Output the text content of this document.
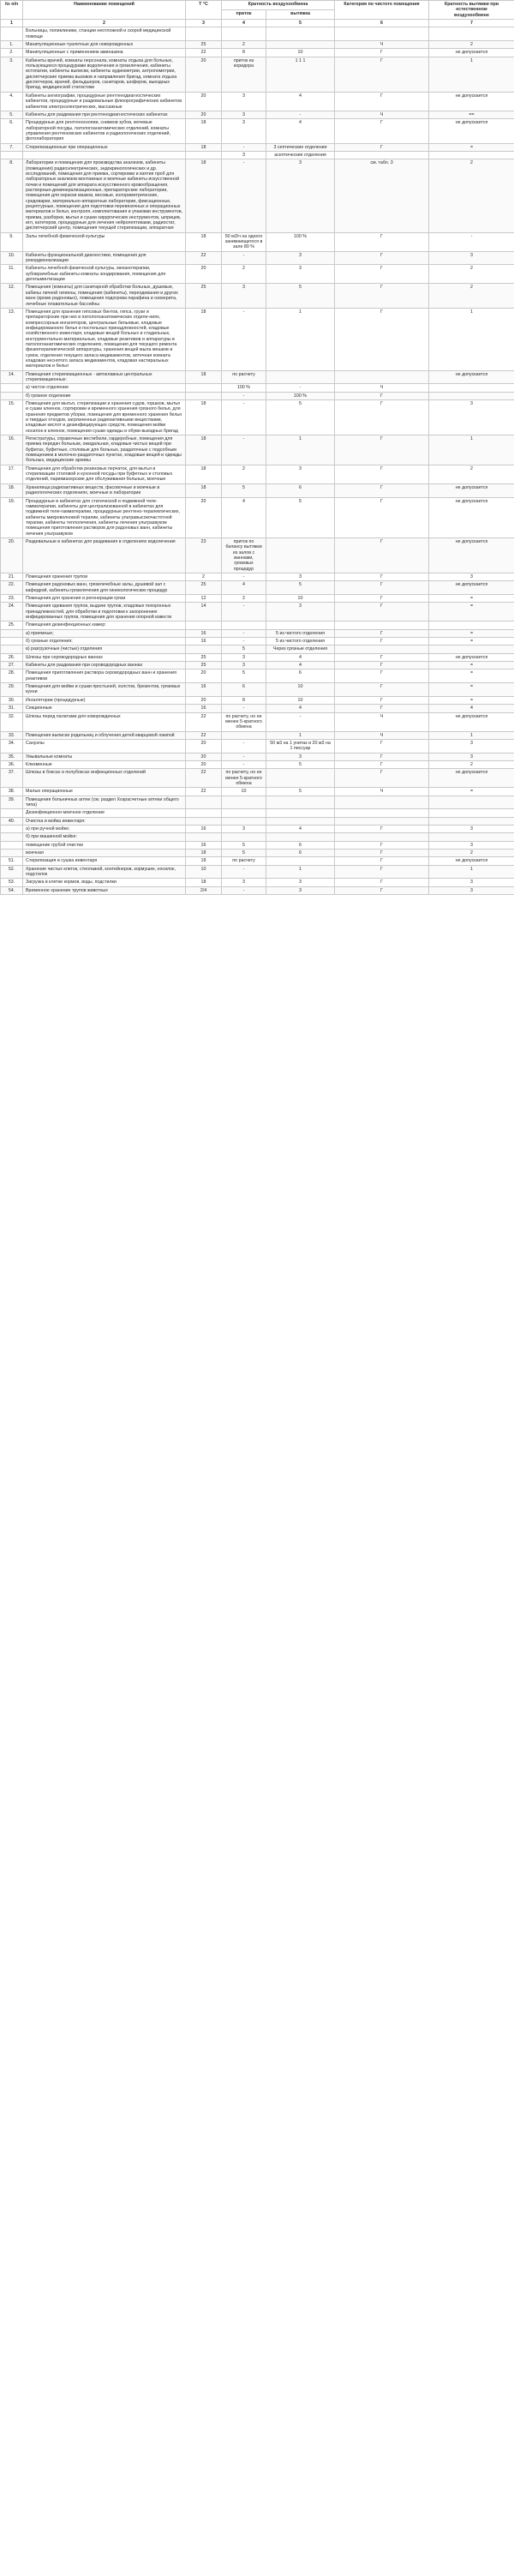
№ п/п	Наименование помещений	Т °С	Кратность воздухообмена		Категория по чистоте помещения	Кратность вытяжки при естественном
воздухообмене

			приток	вытяжка		
1	2	3	4	5	6	7
	Больницы, поликлиники, станции неотложной и скорой медицинской помощи					
1.	Манипуляционные-туалетные для новорожденных	25	2		Ч	2
2.	Манипуляционные с применением аминазина	22	8	10	Г	не допускается
3.	Кабинеты врачей, комнаты персонала, комнаты отдыха для больных, пользующихся процедурами водолечения и грязелечения, кабинеты истопатии, кабинеты выписки, кабинеты аудиометрии, антропометрии, диспетчерские приема вызовов и направления бригад, комната отдыха диспетчеров, врачей, фельдшеров, санитаров, шоферов, выездных бригад, медицинской статистики	20	приток из коридора	1 1 1	Г	1
4.	Кабинеты ангиографии, процедурные рентгенодиагностических кабинетов, процедурные и раздевальные флюорографических кабинетов кабинетов электроэлектрических, массажные	20	3	4	Г	не допускается
5.	Кабинеты для раздевания при рентгенодиагностических кабинетах	20	3	-	Ч	==
6.	Процедурные для рентгеноскопии, снимков зубов, мочевые лабораторной посуды, патологоанатомических отделений, комнаты управления рентгеновских кабинетов и радиологических отделений, фотолаборатория	18	3	4	Г	не допускается
7.	Стерилизационные при операционных	18	-	3 септические отделения	Г	=
			3	асептические отделения		
8.	Лаборатории и помещения для производства анализов, кабинеты (помещения) радиоэлектрических, эндокринологических и др. исследований, помещения для приема, сортировки и взятия проб для лабораторных анализов монтажные и моечные кабинеты искусственной почки и помещений для аппарата искусственного кровообращения, растворные-деминерализационные, препараторские лаборатории, помещения для окраски мазков, весовые, колориметрические, средоварки, материально-аппаратные лаборатории, фиксационные, рецептурные, помещения для подготовки перевязочных и операционных материалов и белья, контроля, комплектования и упаковки инструментов, приема, разборки, мытья и сушки хирургических инструментов, шприцев, игл, катетеров, процедурные для лечения нейролептиками, радиостат, диспетчерский центр, помещения текущей стерилизации, аппаратная	18	-	3	см. табл. 3	2
9.	Залы лечебной физической культуры	18	50 м3/ч на одного занимающегося в зале 80 %	100 %	Г	-
10.	Кабинеты функциональной диагностики, помещения для рекордмонализации	22	-	3	Г	3
11.	Кабинеты лечебной физической культуры, механотерапии, зубоврачебные кабинеты комнаты зондирования, помещения для дегельминтизации	20	2	3	Г	2
12.	Помещения (комнаты) для санитарной обработки больных, душевые, кабины личной гигиены, помещения (кабинеты), переодевания и других ванн (кроме радоновых), помещения подогрева парафина и озокерита, лечебные плавательные бассейны	25	3	5	Г	2
13.	Помещения для хранения гипсовых бинтов, гипса, грузи и препараторские при них в патологоанатомических отделе-ниях, компрессорные ингаляторов, центральные бельевые, кладовые инфицированного белья и постельных принадлежностей, кладовые хозяйственного инвентаря, кладовые вещей больных и стадильных, инструментально-материальные, кладовые реактивов и аппаратуры в патологоанатомических отделениях, помещения для текущего ремонта физиотерапевтической аппаратуры, хранения вещей мыла мешков и сумок, отделения текущего запаса медикаментов, аптечная комната кладовая неснятого запаса медикаментов, кладовая настиральных материалов и белья	18	-	1	Г	1
14.	Помещения стерилизационных - автоклавных центральных стерилизационных:	18	по расчету			не допускается
	а) чистое отделение		100 %	-	Ч	
	б) грязное отделение		-	100 %	Г	
15.	Помещения для мытья, стерилизации и хранения судов, горшков, мытья и сушки клеенок, сортировки и временного хранения грязного белья, для хранения предметов уборки, помещения для временного хранения белья и твердых отходов, загрязненных радиоактивными веществами, кладовые кислот и дезинфицирующих средств, помещения мойки носилок и клеенок, помещения сушки одежды и обуви выездных бригад	18	-	5	Г	3
16.	Регистратуры, справочные вестибюли, гардеробные, помещения для приема передач больным, ожидальная, кладовые чистых вещей при буфетах, буфетные, столовые для больных, раздаточные с подсобным помещением в молочно-раздаточных пунктах, кладовые вещей и одежды больных, медицинские архивы	18	-	1	Г	1
17.	Помещения для обработки резиновых перчаток, для мытья и стерилизации столовой и кухонной посуды при буфетных и столовых отделений, парикмахерские для обслуживания больных, моечные	18	2	3	Г	2
18.	Хранилища радиоактивных веществ, фасовочные и моечные в радиологических отделениях, моечные в лаборатории	18	5	6	Г	не допускается
19.	Процедурные в кабинетах для статической и подвижной теле-гамматерапии, кабинеты для централизованной в кабинетах для подвижной теле-гамматерапии, процедурные рентгено-терапевтических, кабинеты микроволновой терапии, кабинеты ультравысокочастотной терапии, кабинеты теплолечения, кабинеты лечения ультразвуком помещения приготовления растворов для радоновых ванн, кабинеты лечения ультразвуком	20	4	5	Г	не допускается
20.	Раздевальные в кабинетах для раздевания в отделениях водолечения	23	приток по балансу вытяжки из залов с ваннами, грязевых процедур		Г	не допускается
21.	Помещения хранения трупов	2	-	3	Г	3
22.	Помещения радоновых ванн, грязелечебные залы, душевой зал с кафедрой, кабинеты грязелечения для гинекологических процедур	25	4	5	Г	не допускается
23.	Помещения для хранения и регенерации грязи	12	2	10	Г	=
24.	Помещения одевания трупов, выдачи трупов, кладовые похоронных принадлежностей, для обработки и подготовки к захоронению инфицированных трупов, помещения для хранения опорной извести	14	-	3	Г	=
25.	Помещения дезинфекционных камер:					
	а) приемные;	16	-	5 из чистого отделения	Г	=
	б) грязные отделения;	16	-	5 из чистого отделения	Г	=
	в) разгрузочные (чистые) отделения		5	Через грязные отделения		
26.	Шлюзы при сероводородных ваннах	25	3	4	Г	не допускается
27.	Кабинеты для раздевания при сероводородных ваннах	25	3	4	Г	=
28.	Помещения приготовления раствора сероводородных ванн и хранения реактивов	20	5	6	Г	=
29.	Помещения для мойки и сушки простыней, холстов, брезентов, грязевых кухни	16	6	10	Г	=
30.	Ингалятории (процедурные)	20	8	10	Г	=
31.	Секционные	16	-	4	Г	4
32.	Шлюзы перед палатами для новорожденных	22	по расчету, но не менее 5-кратного обмена	-	Ч	не допускается
33.	Помещения выписки родильниц и облучения детей кварцевой лампой	22		1	Ч	1
34.	Санузлы	20	-	50 м3 на 1 унитаз и 20 м3 на 1 писсуар	Г	3
35.	Умывальные комнаты	20	-	3	Г	3
36.	Клизменные	20	-	5	Г	2
37.	Шлюзы в боксах и полубоксах инфекционных отделений	22	по расчету, но не менее 5-кратного обмена		Г	не допускается
38.	Малые операционные	22	10	5	Ч	=
39.	Помещения больничных аптек (см. раздел Хозрасчетные аптеки общего типа)					
	Дезинфекционно-моечное отделение					
40.	Очистка и мойка инвентаря:					
	а) при ручной мойке;	16	3	4	Г	3
	б) при машинной мойке:					
	помещение грубой очистки	16	5	6	Г	3
	моечная	18	5	6	Г	2
51.	Стерилизация и сушка инвентаря	18	по расчету		Г	не допускается
52.	Хранение чистых клеток, стеллажей, контейнеров, кормушек, носилок, подстилок	10	-	1	Г	1
53.	Загрузка в клетки кормов, воды, подстилки	18	3	3	Г	3
54.	Временное хранение трупов животных	2/4	-	3	Г	3
